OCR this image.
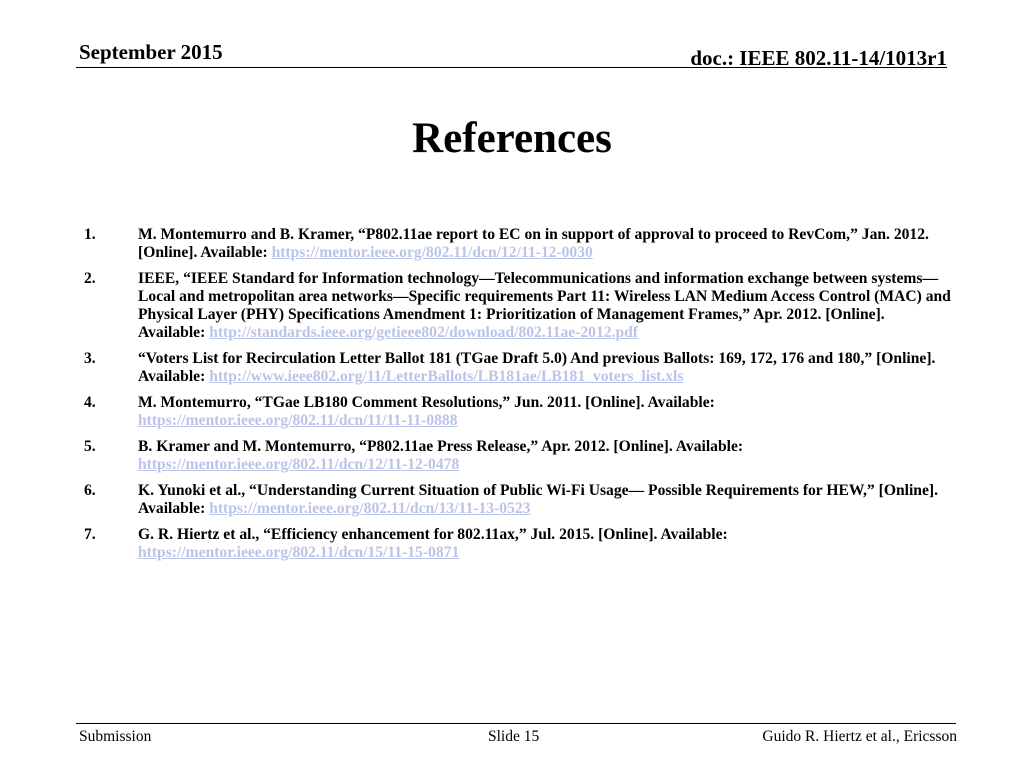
September 2015	doc.: IEEE 802.11-14/1013r1
References
1.	M. Montemurro and B. Kramer, “P802.11ae report to EC on in support of approval to proceed to RevCom,” Jan. 2012. [Online]. Available: https://mentor.ieee.org/802.11/dcn/12/11-12-0030
2.	IEEE, “IEEE Standard for Information technology—Telecommunications and information exchange between systems—Local and metropolitan area networks—Specific requirements Part 11: Wireless LAN Medium Access Control (MAC) and Physical Layer (PHY) Specifications Amendment 1: Prioritization of Management Frames,” Apr. 2012. [Online]. Available: http://standards.ieee.org/getieee802/download/802.11ae-2012.pdf
3.	“Voters List for Recirculation Letter Ballot 181 (TGae Draft 5.0) And previous Ballots: 169, 172, 176 and 180,” [Online]. Available: http://www.ieee802.org/11/LetterBallots/LB181ae/LB181_voters_list.xls
4.	M. Montemurro, “TGae LB180 Comment Resolutions,” Jun. 2011. [Online]. Available: https://mentor.ieee.org/802.11/dcn/11/11-11-0888
5.	B. Kramer and M. Montemurro, “P802.11ae Press Release,” Apr. 2012. [Online]. Available: https://mentor.ieee.org/802.11/dcn/12/11-12-0478
6.	K. Yunoki et al., “Understanding Current Situation of Public Wi-Fi Usage— Possible Requirements for HEW,” [Online]. Available: https://mentor.ieee.org/802.11/dcn/13/11-13-0523
7.	G. R. Hiertz et al., “Efficiency enhancement for 802.11ax,” Jul. 2015. [Online]. Available: https://mentor.ieee.org/802.11/dcn/15/11-15-0871
Submission	Slide 15	Guido R. Hiertz et al., Ericsson
